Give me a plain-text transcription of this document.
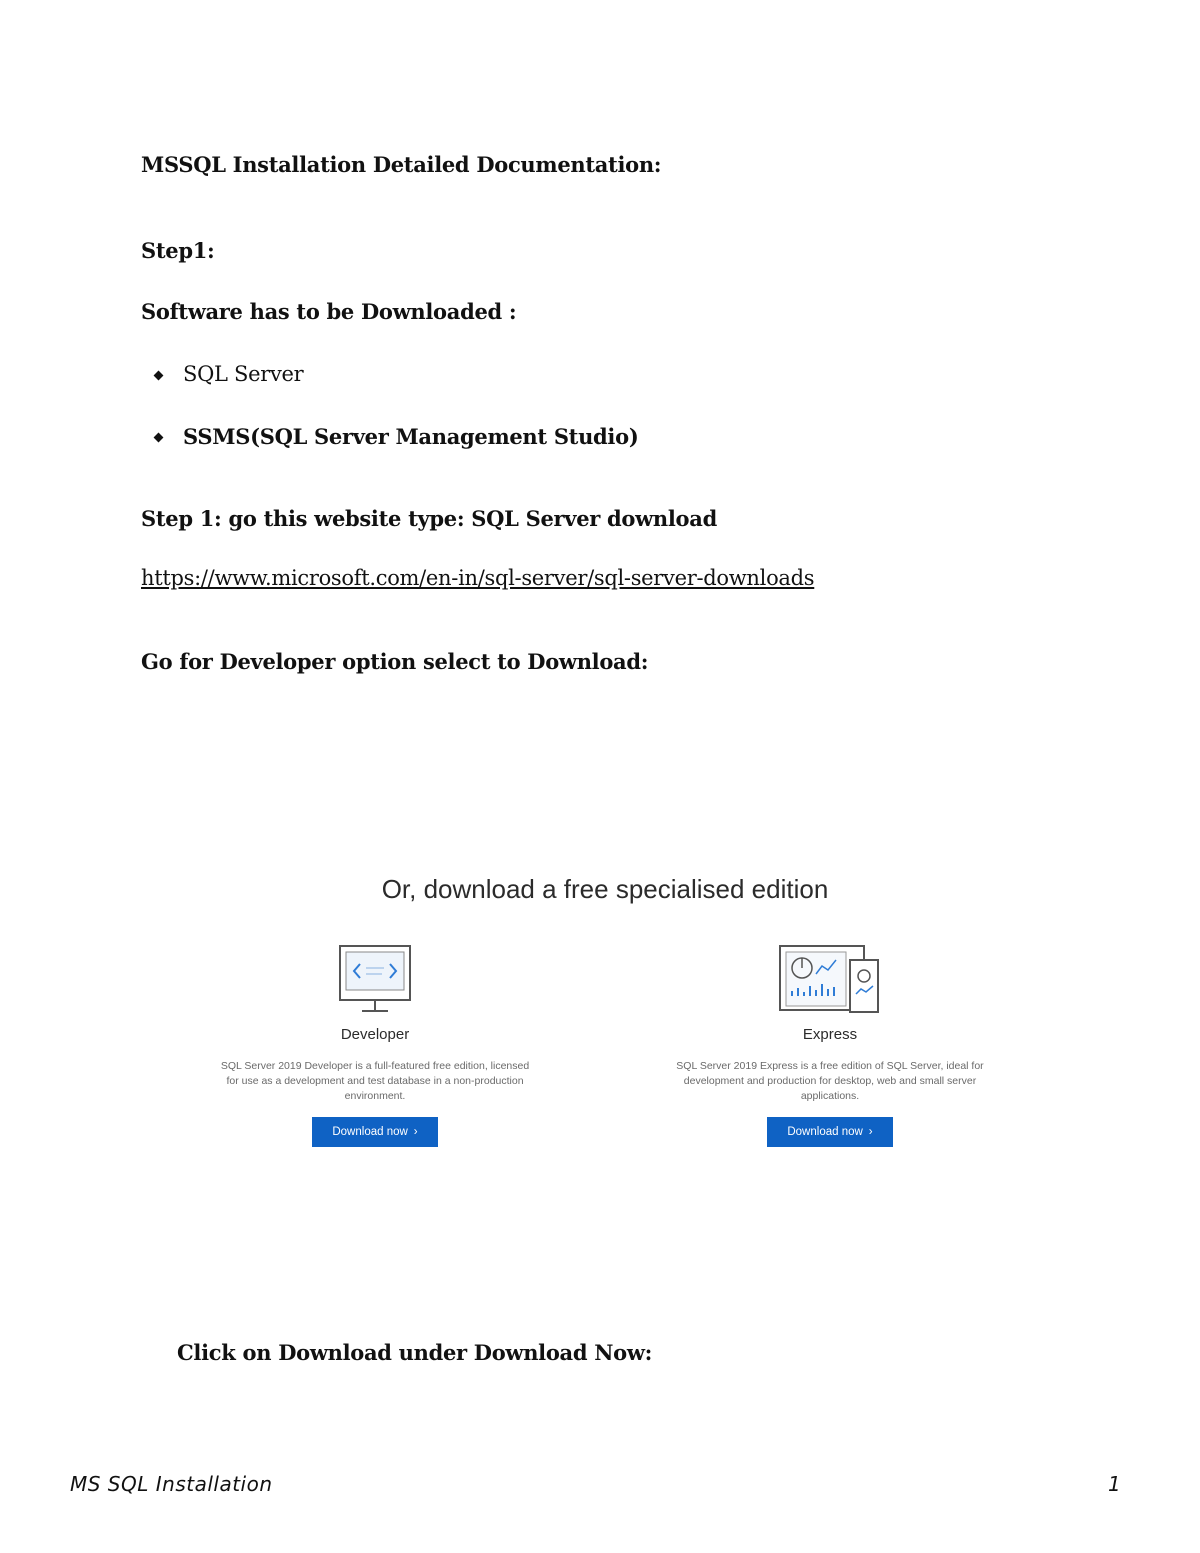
MSSQL Installation Detailed Documentation:
Step1:
Software has to be Downloaded :
SQL Server
SSMS(SQL Server Management Studio)
Step 1: go this website type: SQL Server download
https://www.microsoft.com/en-in/sql-server/sql-server-downloads
Go for Developer option select to Download:
Or, download a free specialised edition
Developer
SQL Server 2019 Developer is a full-featured free edition, licensed for use as a development and test database in a non-production environment.
Download now ›
Express
SQL Server 2019 Express is a free edition of SQL Server, ideal for development and production for desktop, web and small server applications.
Download now ›
Click on Download under Download Now:
MS SQL Installation	1
